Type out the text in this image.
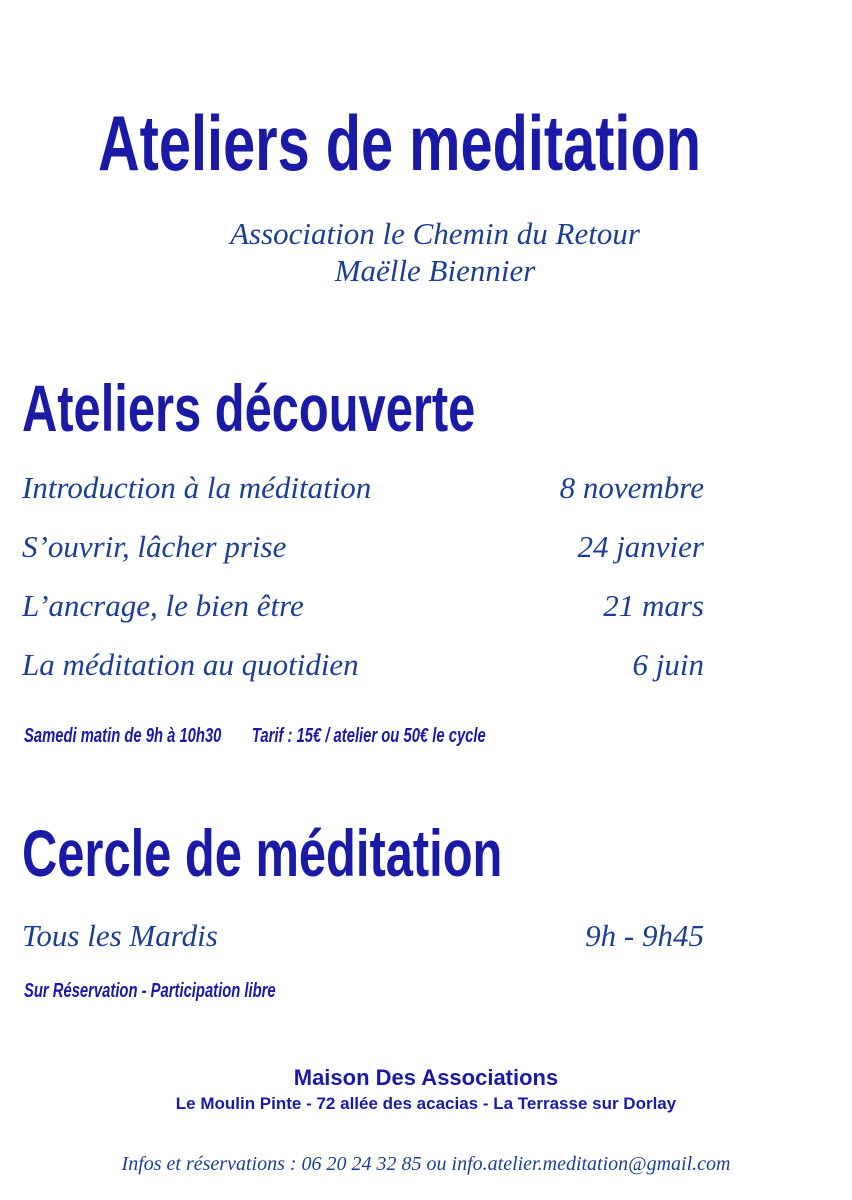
Ateliers de meditation
Association le Chemin du Retour
Maëlle Biennier
Ateliers découverte
Introduction à la méditation	8 novembre
S’ouvrir, lâcher prise	24 janvier
L’ancrage, le bien être	21 mars
La méditation au quotidien	6 juin
Samedi matin de 9h à 10h30 Tarif : 15€ / atelier ou 50€ le cycle
Cercle de méditation
Tous les Mardis	9h - 9h45
Sur Réservation - Participation libre
Maison Des Associations
Le Moulin Pinte - 72 allée des acacias - La Terrasse sur Dorlay
Infos et réservations : 06 20 24 32 85 ou info.atelier.meditation@gmail.com
